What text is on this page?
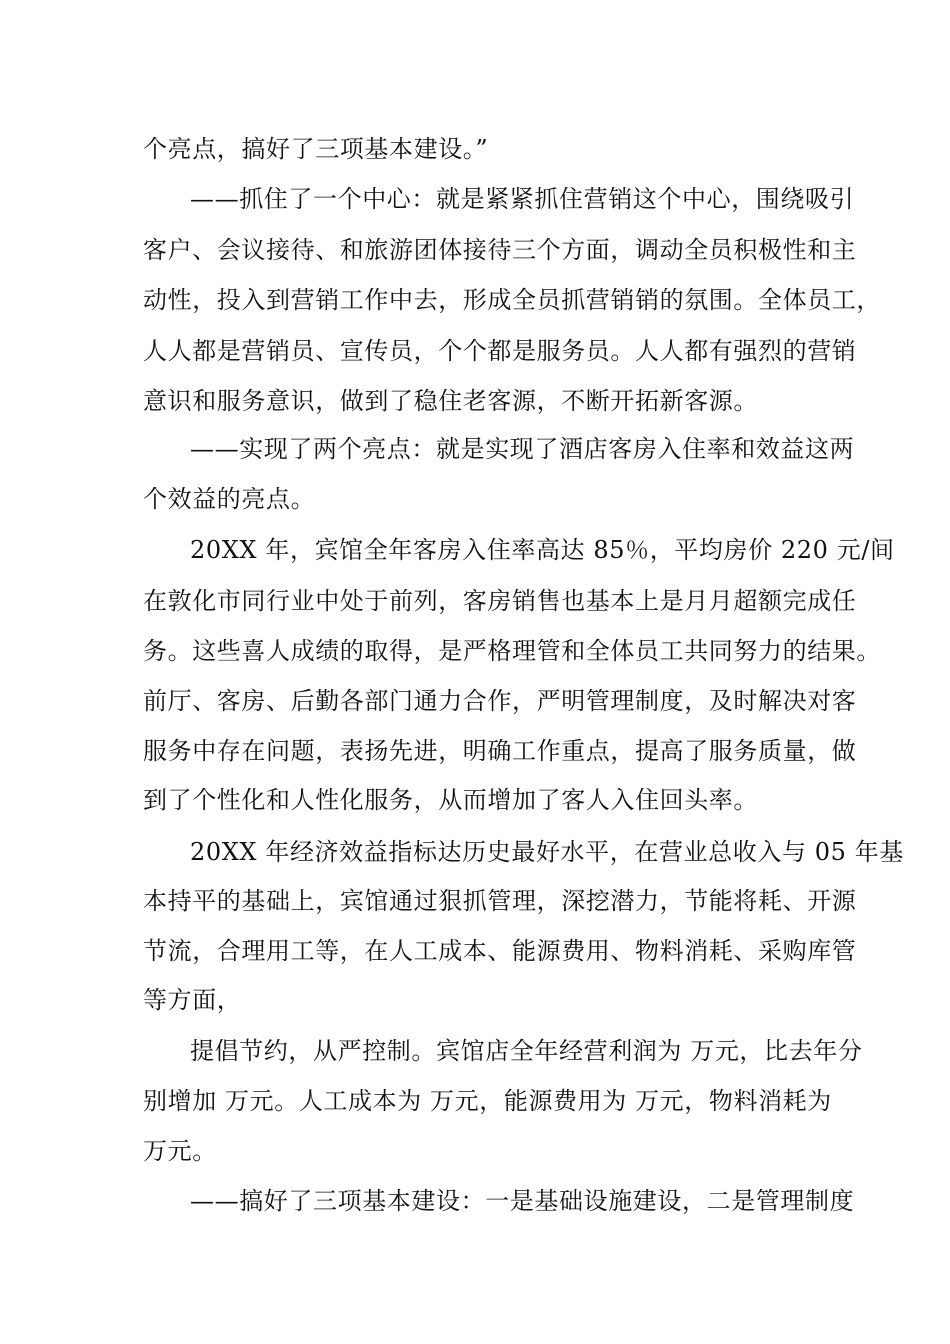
个亮点，搞好了三项基本建设。”
——抓住了一个中心：就是紧紧抓住营销这个中心，围绕吸引
客户、会议接待、和旅游团体接待三个方面，调动全员积极性和主
动性，投入到营销工作中去，形成全员抓营销销的氛围。全体员工，
人人都是营销员、宣传员，个个都是服务员。人人都有强烈的营销
意识和服务意识，做到了稳住老客源，不断开拓新客源。
——实现了两个亮点：就是实现了酒店客房入住率和效益这两
个效益的亮点。
20XX 年，宾馆全年客房入住率高达 85％，平均房价 220 元/间
在敦化市同行业中处于前列，客房销售也基本上是月月超额完成任
务。这些喜人成绩的取得，是严格理管和全体员工共同努力的结果。
前厅、客房、后勤各部门通力合作，严明管理制度，及时解决对客
服务中存在问题，表扬先进，明确工作重点，提高了服务质量，做
到了个性化和人性化服务，从而增加了客人入住回头率。
20XX 年经济效益指标达历史最好水平，在营业总收入与 05 年基
本持平的基础上，宾馆通过狠抓管理，深挖潜力，节能将耗、开源
节流，合理用工等，在人工成本、能源费用、物料消耗、采购库管
等方面，
提倡节约，从严控制。宾馆店全年经营利润为 万元，比去年分
别增加 万元。人工成本为 万元，能源费用为 万元，物料消耗为
万元。
——搞好了三项基本建设：一是基础设施建设，二是管理制度
